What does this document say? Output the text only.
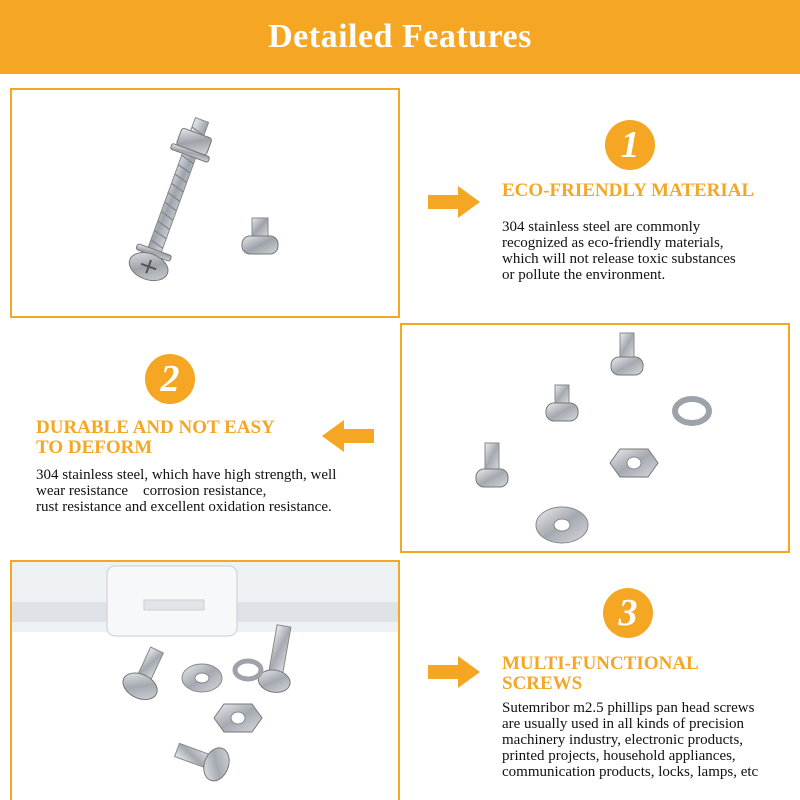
Detailed Features
1
ECO-FRIENDLY MATERIAL
304 stainless steel are commonly
recognized as eco-friendly materials,
which will not release toxic substances
or pollute the environment.
2
DURABLE AND NOT EASY
TO DEFORM
304 stainless steel, which have high strength, well
wear resistance　corrosion resistance,
rust resistance and excellent oxidation resistance.
3
MULTI-FUNCTIONAL
SCREWS
Sutemribor m2.5 phillips pan head screws
are usually used in all kinds of precision
machinery industry, electronic products,
printed projects, household appliances,
communication products, locks, lamps, etc
